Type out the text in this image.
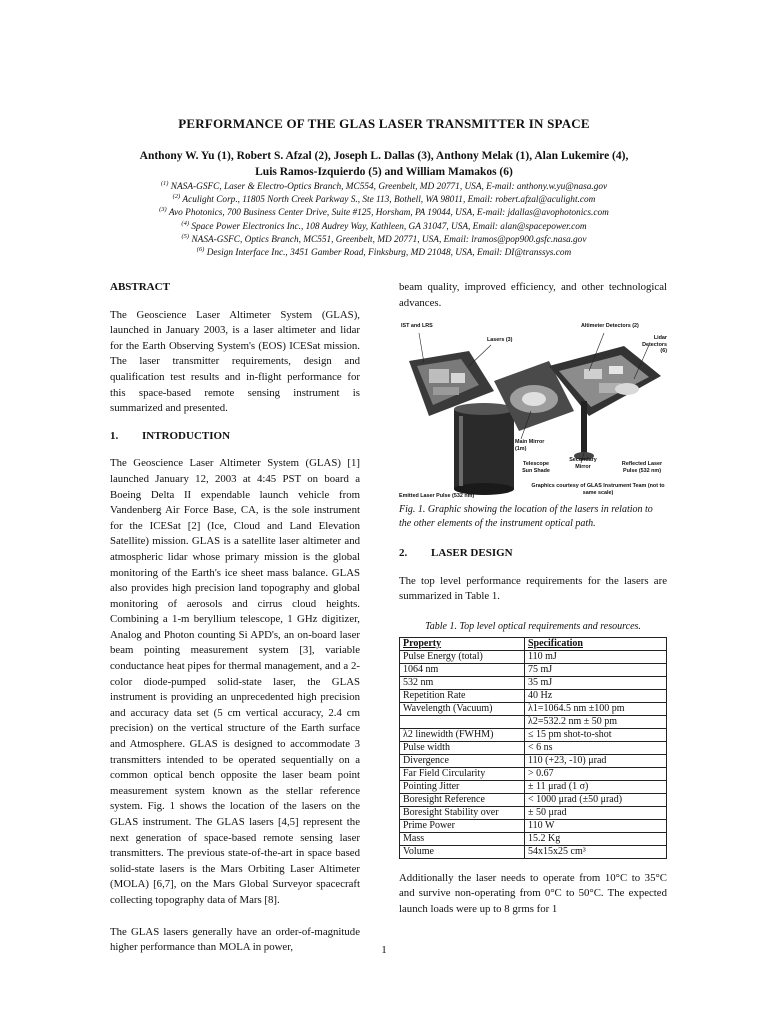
PERFORMANCE OF THE GLAS LASER TRANSMITTER IN SPACE
Anthony W. Yu (1), Robert S. Afzal (2), Joseph L. Dallas (3), Anthony Melak (1), Alan Lukemire (4),
Luis Ramos-Izquierdo (5) and William Mamakos (6)
$^{(1)}$ NASA-GSFC, Laser & Electro-Optics Branch, MC554, Greenbelt, MD 20771, USA, E-mail: anthony.w.yu@nasa.gov
$^{(2)}$ Aculight Corp., 11805 North Creek Parkway S., Ste 113, Bothell, WA 98011, Email: robert.afzal@aculight.com
$^{(3)}$ Avo Photonics, 700 Business Center Drive, Suite #125, Horsham, PA 19044, USA, E-mail: jdallas@avophotonics.com
$^{(4)}$ Space Power Electronics Inc., 108 Audrey Way, Kathleen, GA 31047, USA, Email: alan@spacepower.com
$^{(5)}$ NASA-GSFC, Optics Branch, MC551, Greenbelt, MD 20771, USA, Email: lramos@pop900.gsfc.nasa.gov
$^{(6)}$ Design Interface Inc., 3451 Gamber Road, Finksburg, MD 21048, USA, Email: DI@transsys.com
ABSTRACT

The Geoscience Laser Altimeter System (GLAS), launched in January 2003, is a laser altimeter and lidar for the Earth Observing System's (EOS) ICESat mission. The laser transmitter requirements, design and qualification test results and in-flight performance for this space-based remote sensing instrument is summarized and presented.

1. INTRODUCTION

The Geoscience Laser Altimeter System (GLAS) [1] launched January 12, 2003 at 4:45 PST on board a Boeing Delta II expendable launch vehicle from Vandenberg Air Force Base, CA, is the sole instrument for the ICESat [2] (Ice, Cloud and Land Elevation Satellite) mission. GLAS is a satellite laser altimeter and atmospheric lidar whose primary mission is the global monitoring of the Earth's ice sheet mass balance. GLAS also provides high precision land topography and global monitoring of aerosols and cirrus cloud heights. Combining a 1-m beryllium telescope, 1 GHz digitizer, Analog and Photon counting Si APD's, an on-board laser beam pointing measurement system [3], variable conductance heat pipes for thermal management, and a 2-color diode-pumped solid-state laser, the GLAS instrument is providing an unprecedented high precision and accuracy data set (5 cm vertical accuracy, 2.4 cm precision) on the vertical structure of the Earth surface and Atmosphere. GLAS is designed to accommodate 3 transmitters intended to be operated sequentially on a common optical bench opposite the laser beam point measurement system known as the stellar reference system. Fig. 1 shows the location of the lasers on the GLAS instrument. The GLAS lasers [4,5] represent the next generation of space-based remote sensing laser transmitters. The previous state-of-the-art in space based solid-state lasers is the Mars Orbiting Laser Altimeter (MOLA) [6,7], on the Mars Global Surveyor spacecraft collecting topography data of Mars [8].

The GLAS lasers generally have an order-of-magnitude higher performance than MOLA in power,

beam quality, improved efficiency, and other technological advances.

IST and LRS
Lasers (3)
Altimeter Detectors (2)
Lidar Detectors (6)
Main Mirror (1m)
Telescope Sun Shade
Secondary Mirror	Reflected Laser Pulse (532 nm)
Graphics courtesy of GLAS Instrument Team (not to same scale)
Emitted Laser Pulse (532 nm)
Fig. 1. Graphic showing the location of the lasers in relation to the other elements of the instrument optical path.
2. LASER DESIGN

The top level performance requirements for the lasers are summarized in Table 1.

Table 1. Top level optical requirements and resources.
Property	Specification
Pulse Energy (total)	110 mJ
1064 nm	75 mJ
532 nm	35 mJ
Repetition Rate	40 Hz
Wavelength (Vacuum)	λ1=1064.5 nm ±100 pm
	λ2=532.2 nm ± 50 pm
λ2 linewidth (FWHM)	≤ 15 pm shot-to-shot
Pulse width	< 6 ns
Divergence	110 (+23, -10) μrad
Far Field Circularity	> 0.67
Pointing Jitter	± 11 μrad (1 σ)
Boresight Reference	< 1000 μrad (±50 μrad)
Boresight Stability over	± 50 μrad
Prime Power	110 W
Mass	15.2 Kg
Volume	54x15x25 cm³

Additionally the laser needs to operate from 10°C to 35°C and survive non-operating from 0°C to 50°C. The expected launch loads were up to 8 grms for 1

1
